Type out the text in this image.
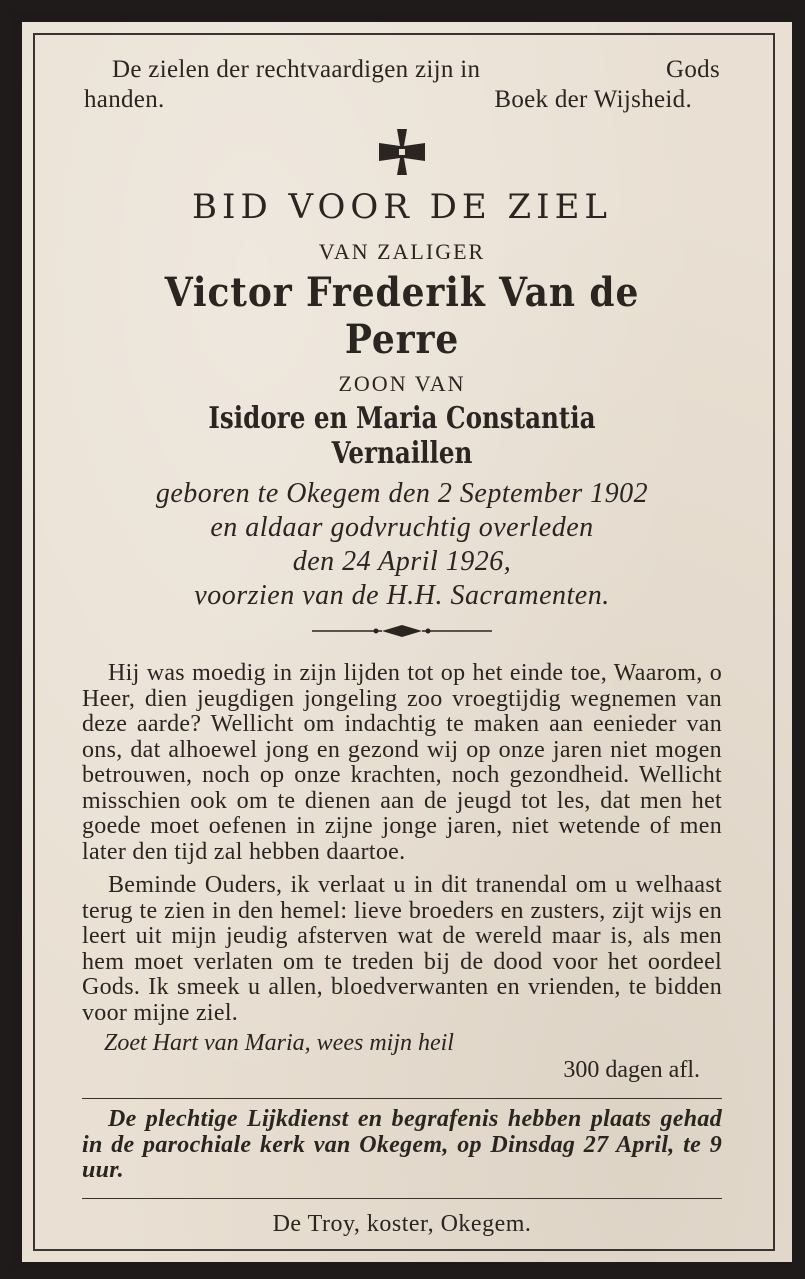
De zielen der rechtvaardigen zijn in	Gods
handen.	Boek der Wijsheid.
BID VOOR DE ZIEL
VAN ZALIGER
Victor Frederik Van de Perre
ZOON VAN
Isidore en Maria Constantia Vernaillen
geboren te Okegem den 2 September 1902
en aldaar godvruchtig overleden
den 24 April 1926,
voorzien van de H.H. Sacramenten.

Hij was moedig in zijn lijden tot op het einde toe, Waarom, o Heer, dien jeugdigen jongeling zoo vroegtijdig wegnemen van deze aarde? Wellicht om indachtig te maken aan eenieder van ons, dat alhoewel jong en gezond wij op onze jaren niet mogen betrouwen, noch op onze krachten, noch gezondheid. Wellicht misschien ook om te dienen aan de jeugd tot les, dat men het goede moet oefenen in zijne jonge jaren, niet wetende of men later den tijd zal hebben daartoe.

Beminde Ouders, ik verlaat u in dit tranendal om u welhaast terug te zien in den hemel: lieve broeders en zusters, zijt wijs en leert uit mijn jeudig afsterven wat de wereld maar is, als men hem moet verlaten om te treden bij de dood voor het oordeel Gods. Ik smeek u allen, bloedverwanten en vrienden, te bidden voor mijne ziel.

Zoet Hart van Maria, wees mijn heil
300 dagen afl.
De plechtige Lijkdienst en begrafenis hebben plaats gehad in de parochiale kerk van Okegem, op Dinsdag 27 April, te 9 uur.
De Troy, koster, Okegem.
